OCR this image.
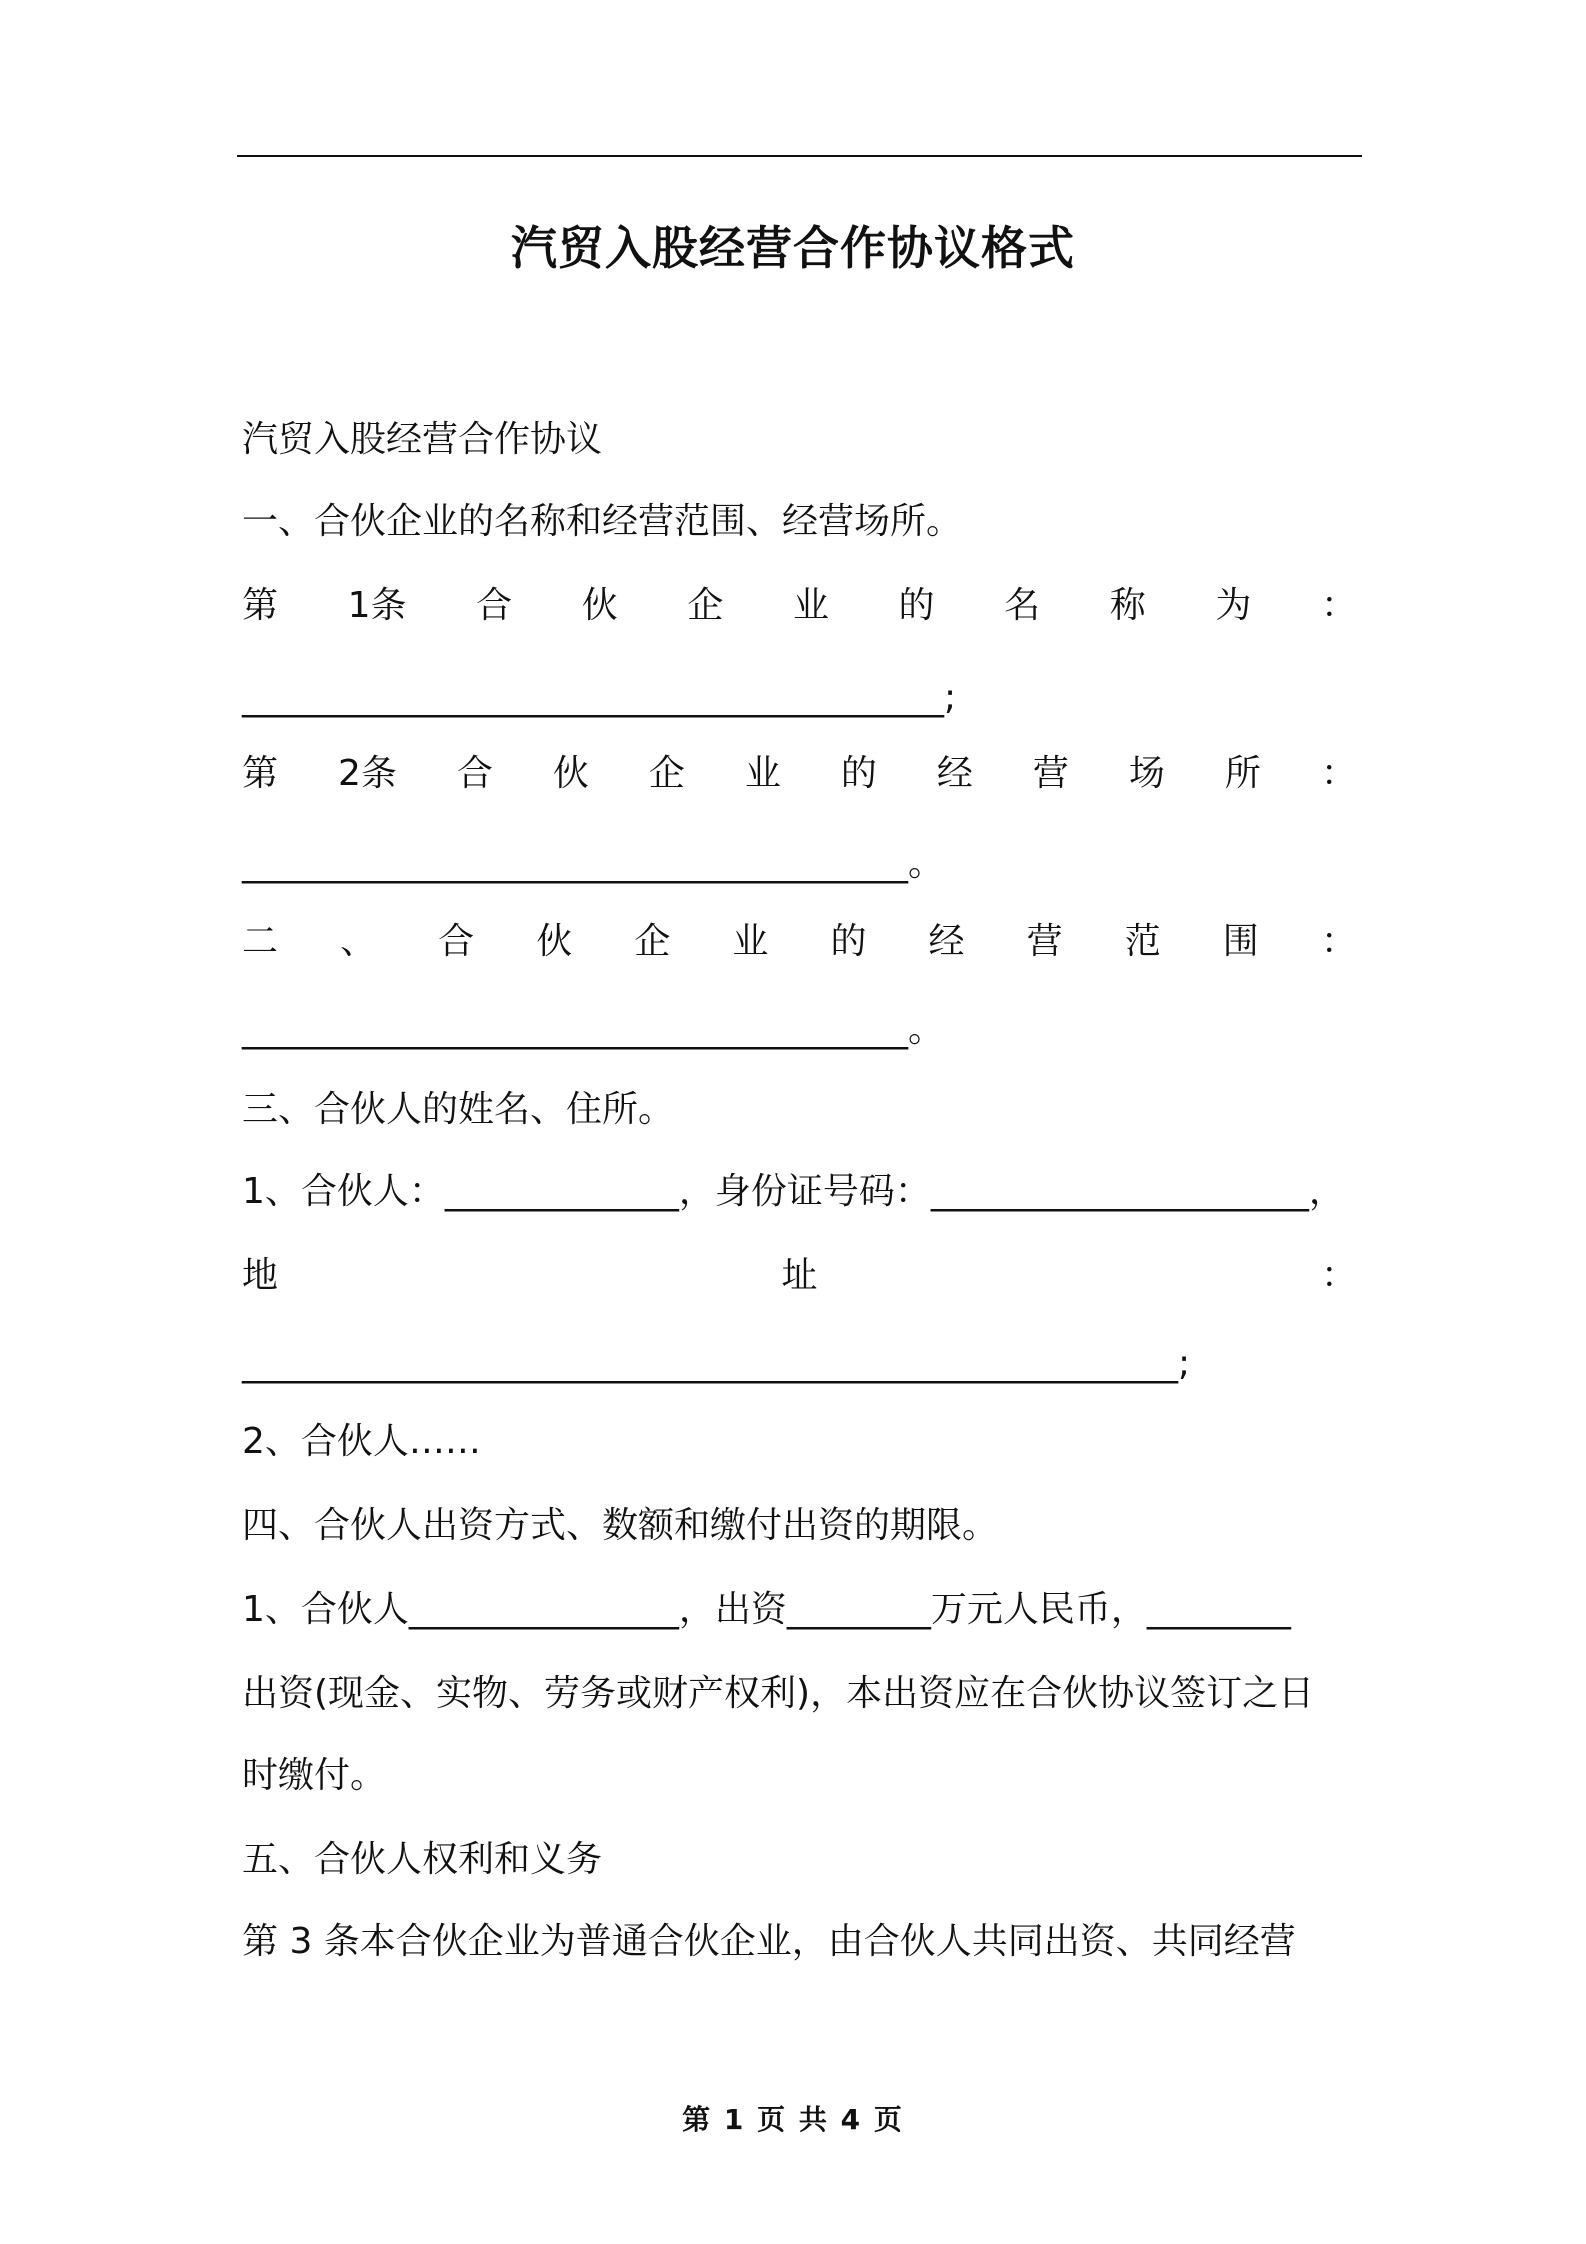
汽贸入股经营合作协议格式
汽贸入股经营合作协议
一、合伙企业的名称和经营范围、经营场所。
第 1条 合 伙 企 业 的 名 称 为 ：
_______________________________________;
第 2条 合 伙 企 业 的 经 营 场 所 ：
_____________________________________。
二 、 合 伙 企 业 的 经 营 范 围 ：
_____________________________________。
三、合伙人的姓名、住所。
1、合伙人：_____________，身份证号码：_____________________，
地	址	：
____________________________________________________;
2、合伙人……
四、合伙人出资方式、数额和缴付出资的期限。
1、合伙人_______________，出资________万元人民币，________
出资(现金、实物、劳务或财产权利)，本出资应在合伙协议签订之日
时缴付。
五、合伙人权利和义务
第 3 条本合伙企业为普通合伙企业，由合伙人共同出资、共同经营
第 1 页 共 4 页
